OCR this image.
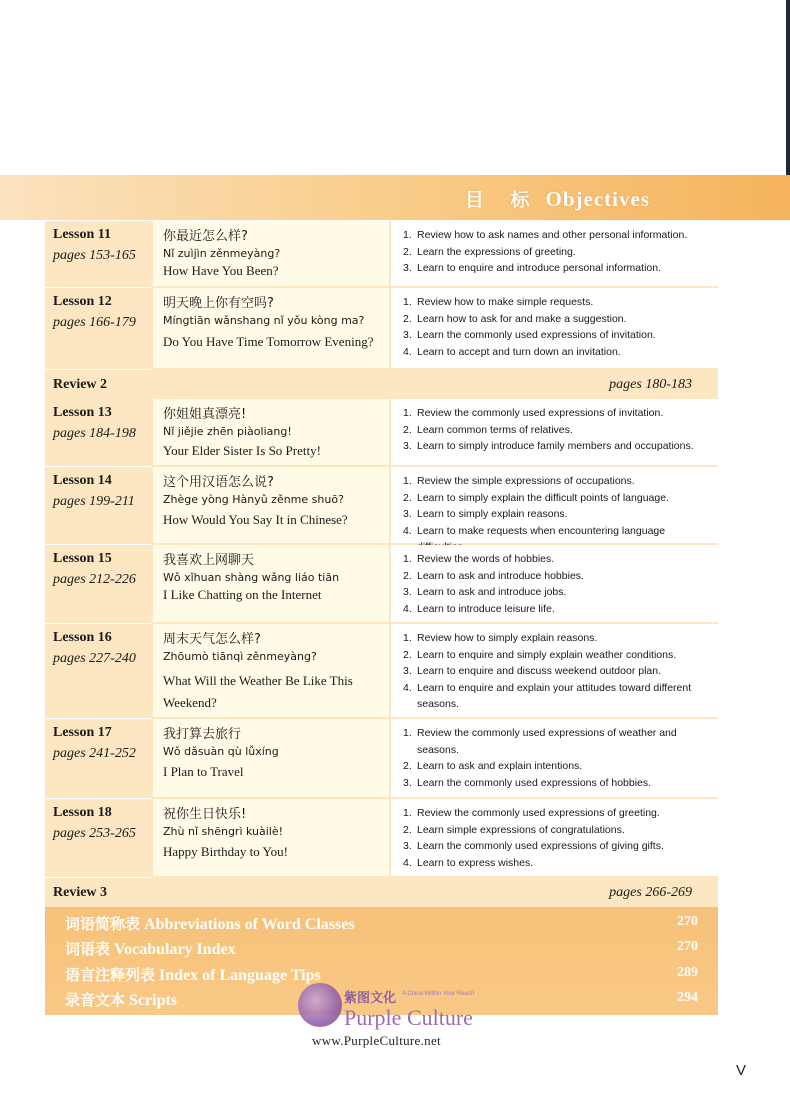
目 标 Objectives
Lesson 11
pages 153-165
你最近怎么样?
Nǐ zuìjìn zěnmeyàng?
How Have You Been?
1. Review how to ask names and other personal information.
2. Learn the expressions of greeting.
3. Learn to enquire and introduce personal information.
Lesson 12
pages 166-179
明天晚上你有空吗?
Míngtiān wǎnshang nǐ yǒu kòng ma?
Do You Have Time Tomorrow Evening?
1. Review how to make simple requests.
2. Learn how to ask for and make a suggestion.
3. Learn the commonly used expressions of invitation.
4. Learn to accept and turn down an invitation.
Review 2	pages 180-183
Lesson 13
pages 184-198
你姐姐真漂亮!
Nǐ jiějie zhēn piàoliang!
Your Elder Sister Is So Pretty!
1. Review the commonly used expressions of invitation.
2. Learn common terms of relatives.
3. Learn to simply introduce family members and occupations.
Lesson 14
pages 199-211
这个用汉语怎么说?
Zhège yòng Hànyǔ zěnme shuō?
How Would You Say It in Chinese?
1. Review the simple expressions of occupations.
2. Learn to simply explain the difficult points of language.
3. Learn to simply explain reasons.
4. Learn to make requests when encountering language
Lesson 15
pages 212-226
我喜欢上网聊天
Wǒ xǐhuan shàng wǎng liáo tiān
I Like Chatting on the Internet
1. Review the words of hobbies.
2. Learn to ask and introduce hobbies.
3. Learn to ask and introduce jobs.
4. Learn to introduce leisure life.
Lesson 16
pages 227-240
周末天气怎么样?
Zhōumò tiānqì zěnmeyàng?
What Will the Weather Be Like This Weekend?
1. Review how to simply explain reasons.
2. Learn to enquire and simply explain weather conditions.
3. Learn to enquire and discuss weekend outdoor plan.
4. Learn to enquire and explain your attitudes toward different seasons.
Lesson 17
pages 241-252
我打算去旅行
Wǒ dǎsuàn qù lǚxíng
I Plan to Travel
1. Review the commonly used expressions of weather and seasons.
2. Learn to ask and explain intentions.
3. Learn the commonly used expressions of hobbies.
Lesson 18
pages 253-265
祝你生日快乐!
Zhù nǐ shēngrì kuàilè!
Happy Birthday to You!
1. Review the commonly used expressions of greeting.
2. Learn simple expressions of congratulations.
3. Learn the commonly used expressions of giving gifts.
4. Learn to express wishes.
Review 3	pages 266-269
词语简称表 Abbreviations of Word Classes	270
词语表 Vocabulary Index	270
语言注释列表 Index of Language Tips	289
录音文本 Scripts	294
紫图文化 A China Within Your Reach
Purple Culture
www.PurpleCulture.net
V
